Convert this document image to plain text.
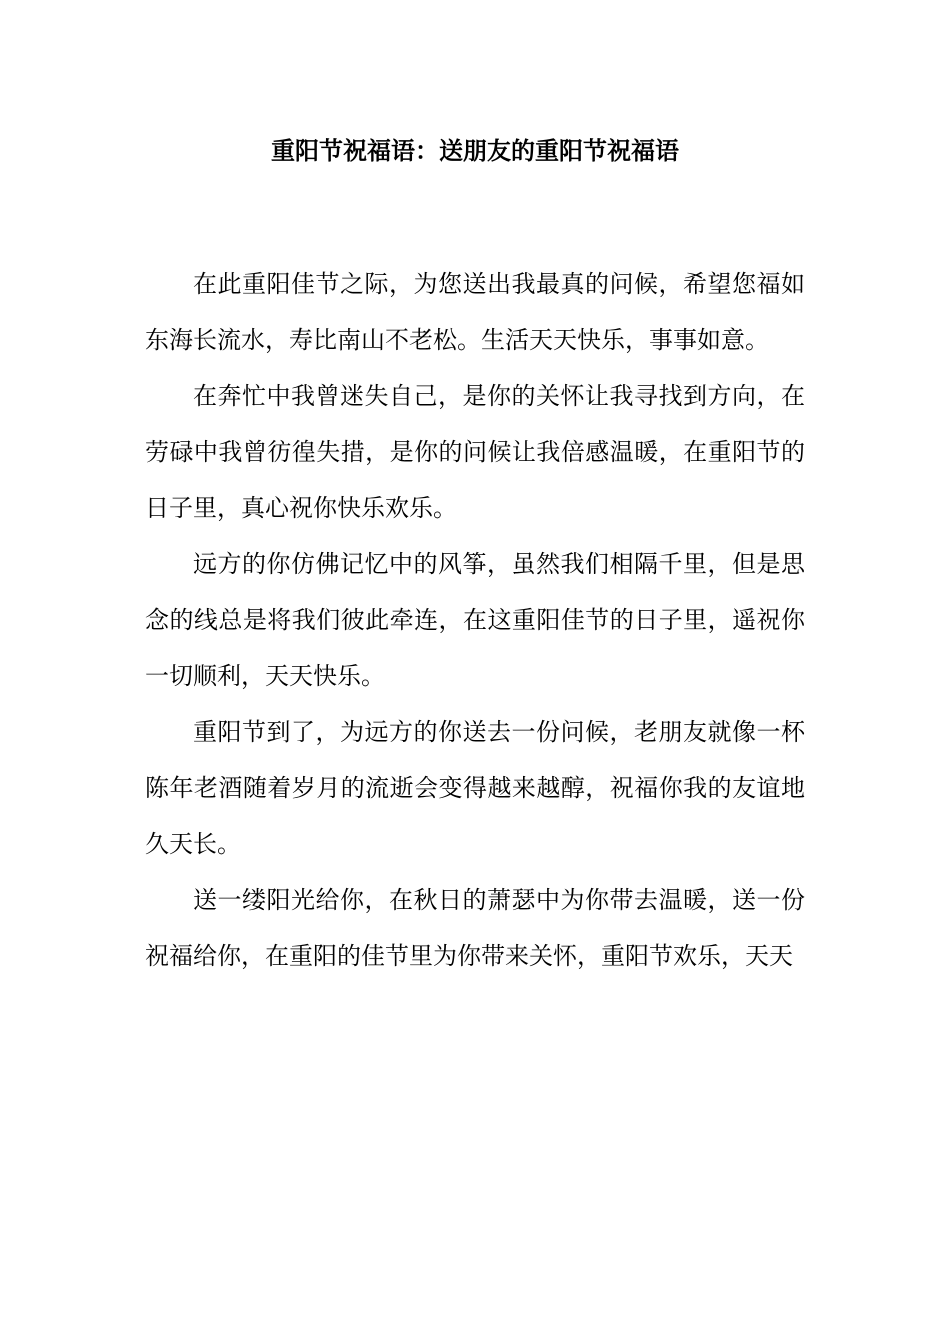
重阳节祝福语：送朋友的重阳节祝福语

在此重阳佳节之际，为您送出我最真的问候，希望您福如东海长流水，寿比南山不老松。生活天天快乐，事事如意。

在奔忙中我曾迷失自己，是你的关怀让我寻找到方向，在劳碌中我曾彷徨失措，是你的问候让我倍感温暖，在重阳节的日子里，真心祝你快乐欢乐。

远方的你仿佛记忆中的风筝，虽然我们相隔千里，但是思念的线总是将我们彼此牵连，在这重阳佳节的日子里，遥祝你一切顺利，天天快乐。

重阳节到了，为远方的你送去一份问候，老朋友就像一杯陈年老酒随着岁月的流逝会变得越来越醇，祝福你我的友谊地久天长。

送一缕阳光给你，在秋日的萧瑟中为你带去温暖，送一份祝福给你，在重阳的佳节里为你带来关怀，重阳节欢乐，天天
